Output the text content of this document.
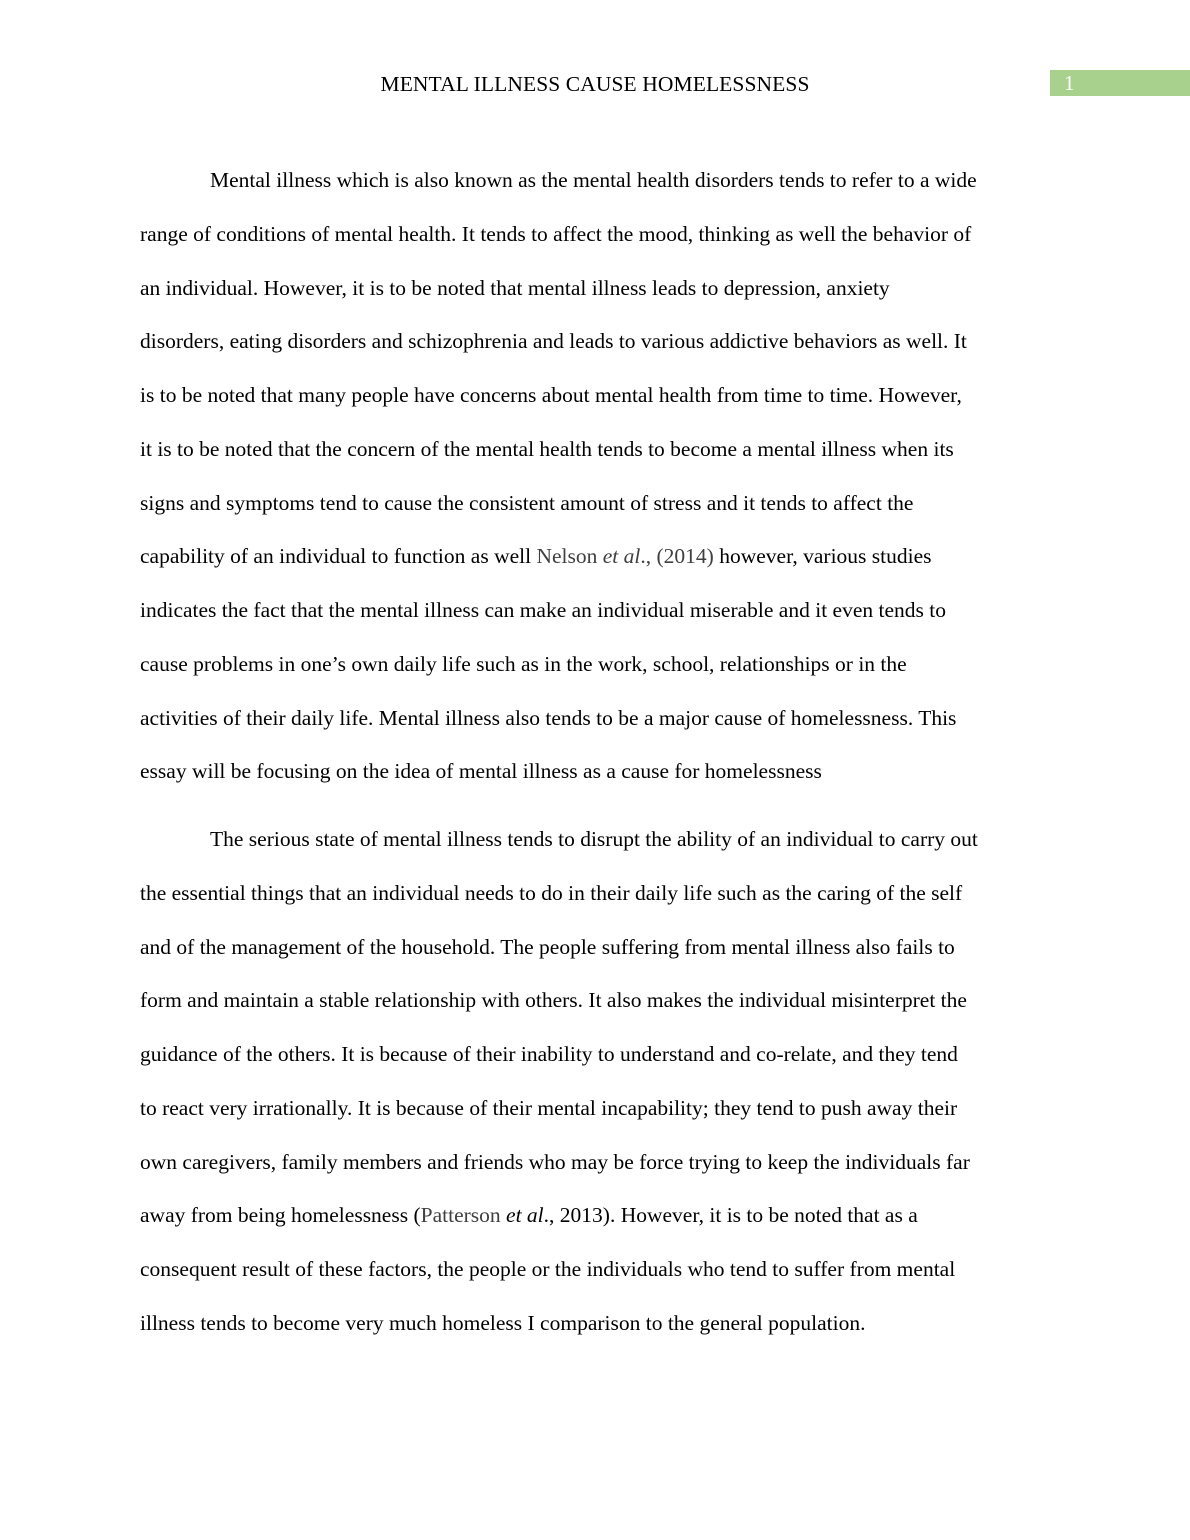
MENTAL ILLNESS CAUSE HOMELESSNESS	1

Mental illness which is also known as the mental health disorders tends to refer to a wide
range of conditions of mental health. It tends to affect the mood, thinking as well the behavior of
an individual. However, it is to be noted that mental illness leads to depression, anxiety
disorders, eating disorders and schizophrenia and leads to various addictive behaviors as well. It
is to be noted that many people have concerns about mental health from time to time. However,
it is to be noted that the concern of the mental health tends to become a mental illness when its
signs and symptoms tend to cause the consistent amount of stress and it tends to affect the
capability of an individual to function as well Nelson et al., (2014) however, various studies
indicates the fact that the mental illness can make an individual miserable and it even tends to
cause problems in one’s own daily life such as in the work, school, relationships or in the
activities of their daily life. Mental illness also tends to be a major cause of homelessness. This
essay will be focusing on the idea of mental illness as a cause for homelessness

The serious state of mental illness tends to disrupt the ability of an individual to carry out
the essential things that an individual needs to do in their daily life such as the caring of the self
and of the management of the household. The people suffering from mental illness also fails to
form and maintain a stable relationship with others. It also makes the individual misinterpret the
guidance of the others. It is because of their inability to understand and co-relate, and they tend
to react very irrationally. It is because of their mental incapability; they tend to push away their
own caregivers, family members and friends who may be force trying to keep the individuals far
away from being homelessness (Patterson et al., 2013). However, it is to be noted that as a
consequent result of these factors, the people or the individuals who tend to suffer from mental
illness tends to become very much homeless I comparison to the general population.
